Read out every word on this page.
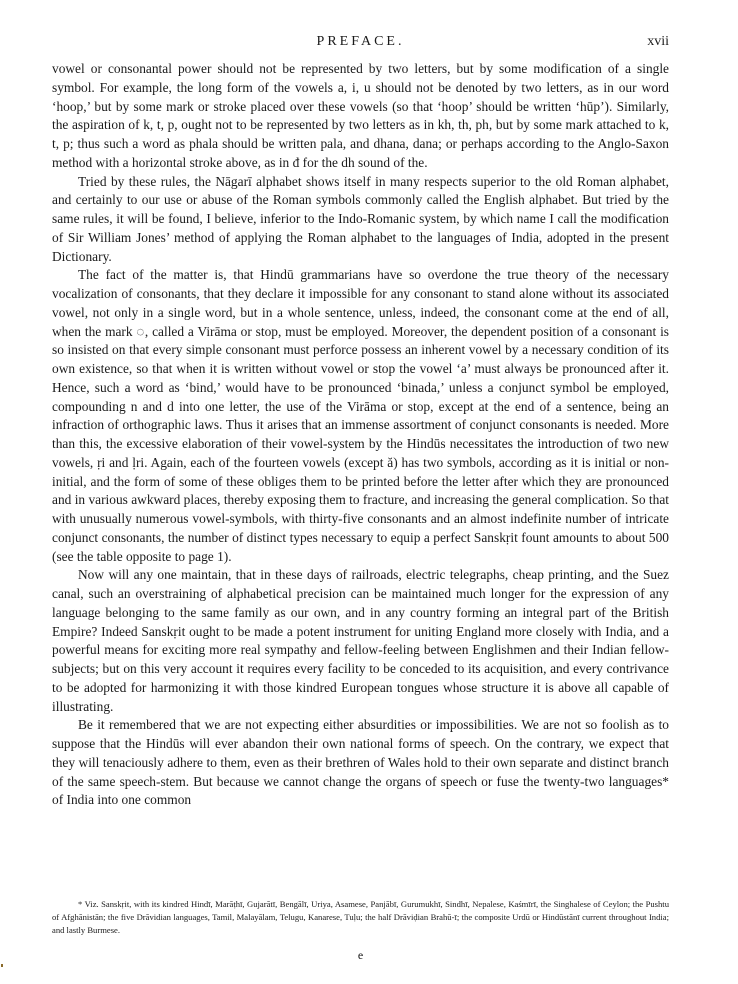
PREFACE.	xvii

vowel or consonantal power should not be represented by two letters, but by some modification of a single symbol. For example, the long form of the vowels a, i, u should not be denoted by two letters, as in our word ‘hoop,’ but by some mark or stroke placed over these vowels (so that ‘hoop’ should be written ‘hūp’). Similarly, the aspiration of k, t, p, ought not to be represented by two letters as in kh, th, ph, but by some mark attached to k, t, p; thus such a word as phala should be written pala, and dhana, dana; or perhaps according to the Anglo-Saxon method with a horizontal stroke above, as in đ for the dh sound of the.

Tried by these rules, the Nāgarī alphabet shows itself in many respects superior to the old Roman alphabet, and certainly to our use or abuse of the Roman symbols commonly called the English alphabet. But tried by the same rules, it will be found, I believe, inferior to the Indo-Romanic system, by which name I call the modification of Sir William Jones’ method of applying the Roman alphabet to the languages of India, adopted in the present Dictionary.

The fact of the matter is, that Hindū grammarians have so overdone the true theory of the necessary vocalization of consonants, that they declare it impossible for any consonant to stand alone without its associated vowel, not only in a single word, but in a whole sentence, unless, indeed, the consonant come at the end of all, when the mark ◌, called a Virāma or stop, must be employed. Moreover, the dependent position of a consonant is so insisted on that every simple consonant must perforce possess an inherent vowel by a necessary condition of its own existence, so that when it is written without vowel or stop the vowel ‘a’ must always be pronounced after it. Hence, such a word as ‘bind,’ would have to be pronounced ‘binada,’ unless a conjunct symbol be employed, compounding n and d into one letter, the use of the Virāma or stop, except at the end of a sentence, being an infraction of orthographic laws. Thus it arises that an immense assortment of conjunct consonants is needed. More than this, the excessive elaboration of their vowel-system by the Hindūs necessitates the introduction of two new vowels, ṛi and ḷri. Again, each of the fourteen vowels (except ă) has two symbols, according as it is initial or non-initial, and the form of some of these obliges them to be printed before the letter after which they are pronounced and in various awkward places, thereby exposing them to fracture, and increasing the general complication. So that with unusually numerous vowel-symbols, with thirty-five consonants and an almost indefinite number of intricate conjunct consonants, the number of distinct types necessary to equip a perfect Sanskṛit fount amounts to about 500 (see the table opposite to page 1).

Now will any one maintain, that in these days of railroads, electric telegraphs, cheap printing, and the Suez canal, such an overstraining of alphabetical precision can be maintained much longer for the expression of any language belonging to the same family as our own, and in any country forming an integral part of the British Empire? Indeed Sanskṛit ought to be made a potent instrument for uniting England more closely with India, and a powerful means for exciting more real sympathy and fellow-feeling between Englishmen and their Indian fellow-subjects; but on this very account it requires every facility to be conceded to its acquisition, and every contrivance to be adopted for harmonizing it with those kindred European tongues whose structure it is above all capable of illustrating.

Be it remembered that we are not expecting either absurdities or impossibilities. We are not so foolish as to suppose that the Hindūs will ever abandon their own national forms of speech. On the contrary, we expect that they will tenaciously adhere to them, even as their brethren of Wales hold to their own separate and distinct branch of the same speech-stem. But because we cannot change the organs of speech or fuse the twenty-two languages* of India into one common

* Viz. Sanskṛit, with its kindred Hindī, Marāṭhī, Gujarātī, Bengālī, Uriya, Asamese, Panjābī, Gurumukhī, Sindhī, Nepalese, Kaśmīrī, the Singhalese of Ceylon; the Pushtu of Afghānistān; the five Drāvidian languages, Tamil, Malayālam, Telugu, Kanarese, Tuḷu; the half Drāviḍian Brahū-ī; the composite Urdū or Hindūstānī current throughout India; and lastly Burmese.
e
